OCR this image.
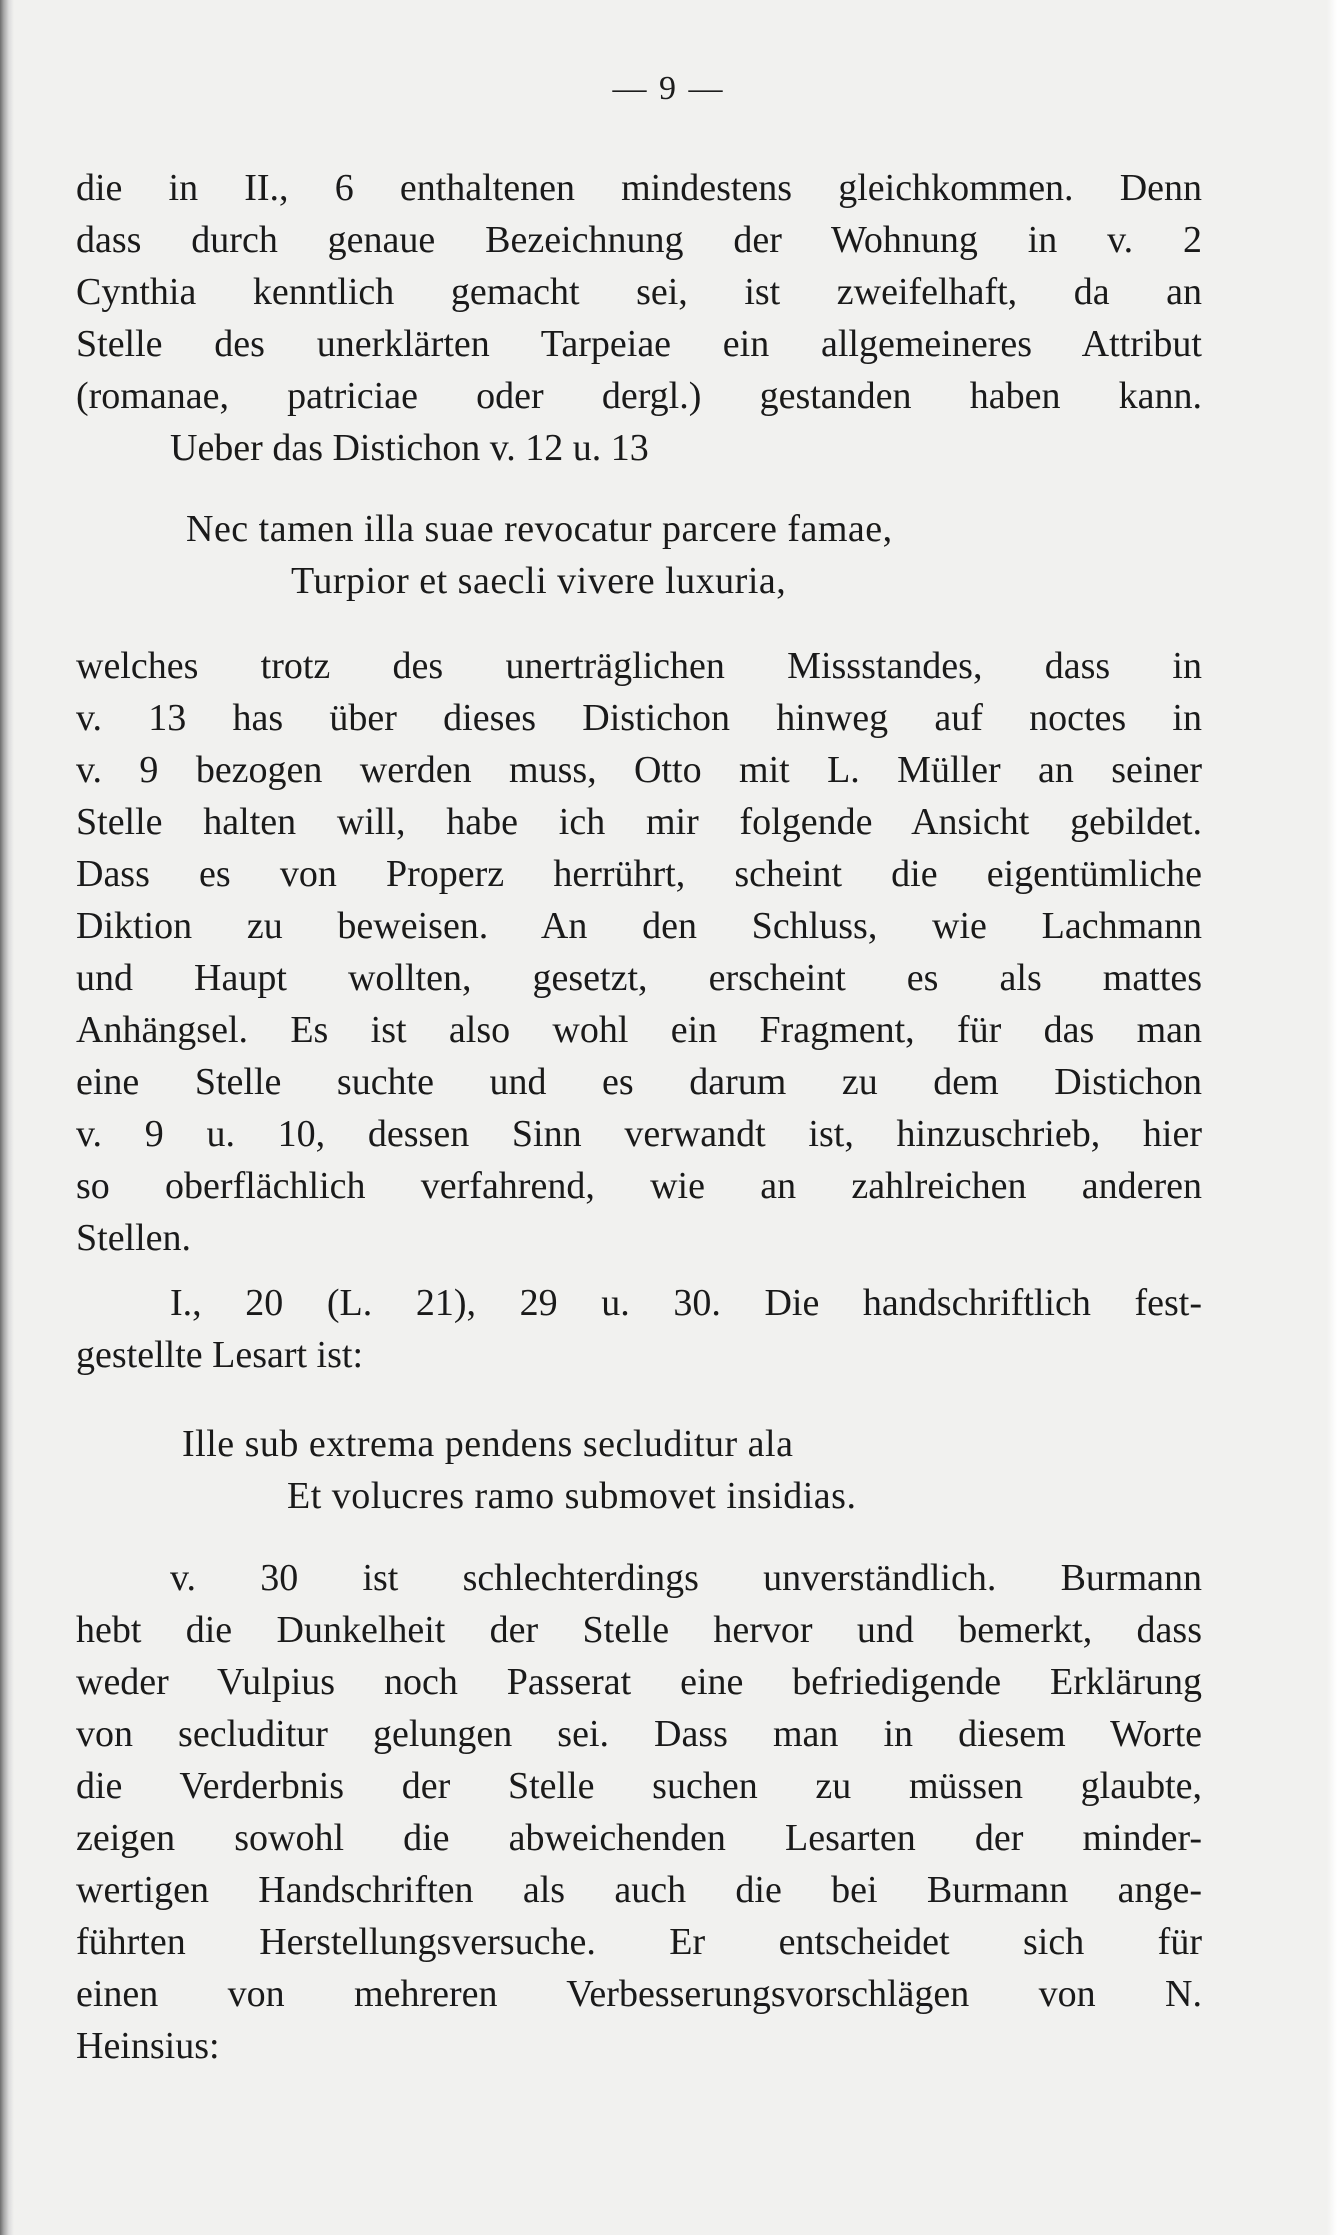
— 9 —
die in II., 6 enthaltenen mindestens gleichkommen. Denn
dass durch genaue Bezeichnung der Wohnung in v. 2
Cynthia kenntlich gemacht sei, ist zweifelhaft, da an
Stelle des unerklärten Tarpeiae ein allgemeineres Attribut
(romanae, patriciae oder dergl.) gestanden haben kann.
Ueber das Distichon v. 12 u. 13
Nec tamen illa suae revocatur parcere famae,
Turpior et saecli vivere luxuria,
welches trotz des unerträglichen Missstandes, dass in
v. 13 has über dieses Distichon hinweg auf noctes in
v. 9 bezogen werden muss, Otto mit L. Müller an seiner
Stelle halten will, habe ich mir folgende Ansicht gebildet.
Dass es von Properz herrührt, scheint die eigentümliche
Diktion zu beweisen. An den Schluss, wie Lachmann
und Haupt wollten, gesetzt, erscheint es als mattes
Anhängsel. Es ist also wohl ein Fragment, für das man
eine Stelle suchte und es darum zu dem Distichon
v. 9 u. 10, dessen Sinn verwandt ist, hinzuschrieb, hier
so oberflächlich verfahrend, wie an zahlreichen anderen
Stellen.
I., 20 (L. 21), 29 u. 30. Die handschriftlich fest-
gestellte Lesart ist:
Ille sub extrema pendens secluditur ala
Et volucres ramo submovet insidias.
v. 30 ist schlechterdings unverständlich. Burmann
hebt die Dunkelheit der Stelle hervor und bemerkt, dass
weder Vulpius noch Passerat eine befriedigende Erklärung
von secluditur gelungen sei. Dass man in diesem Worte
die Verderbnis der Stelle suchen zu müssen glaubte,
zeigen sowohl die abweichenden Lesarten der minder-
wertigen Handschriften als auch die bei Burmann ange-
führten Herstellungsversuche. Er entscheidet sich für
einen von mehreren Verbesserungsvorschlägen von N.
Heinsius:
